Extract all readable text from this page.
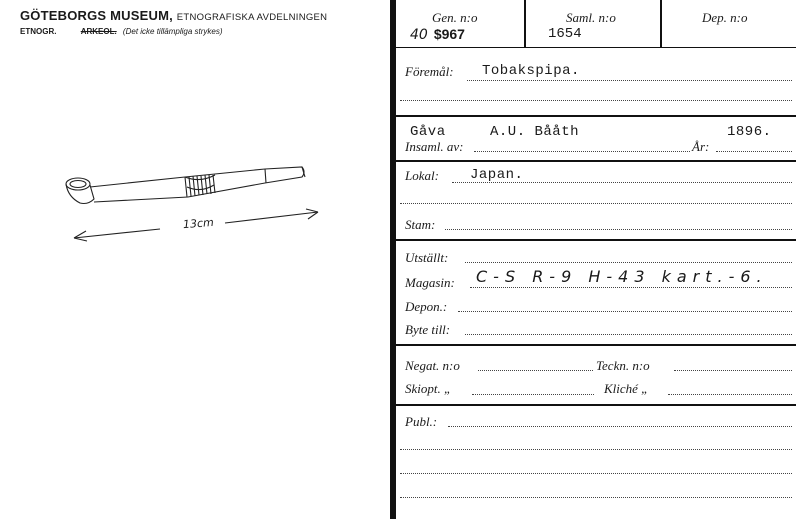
GÖTEBORGS MUSEUM, ETNOGRAFISKA AVDELNINGEN
ETNOGR.	ARKEOL. (Det icke tillämpliga strykes)
13cm
Gen. n:o	Saml. n:o	Dep. n:o
40 $967	1654
Föremål: Tobakspipa.
Gåva	A.U. Bååth	1896.
Insaml. av:	År:
Lokal: Japan.
Stam:
Utställt:
Magasin: C-S R-9 H-43 kart.-6.
Depon.:
Byte till:
Negat. n:o	Teckn. n:o
Skiopt. „	Kliché „
Publ.:
